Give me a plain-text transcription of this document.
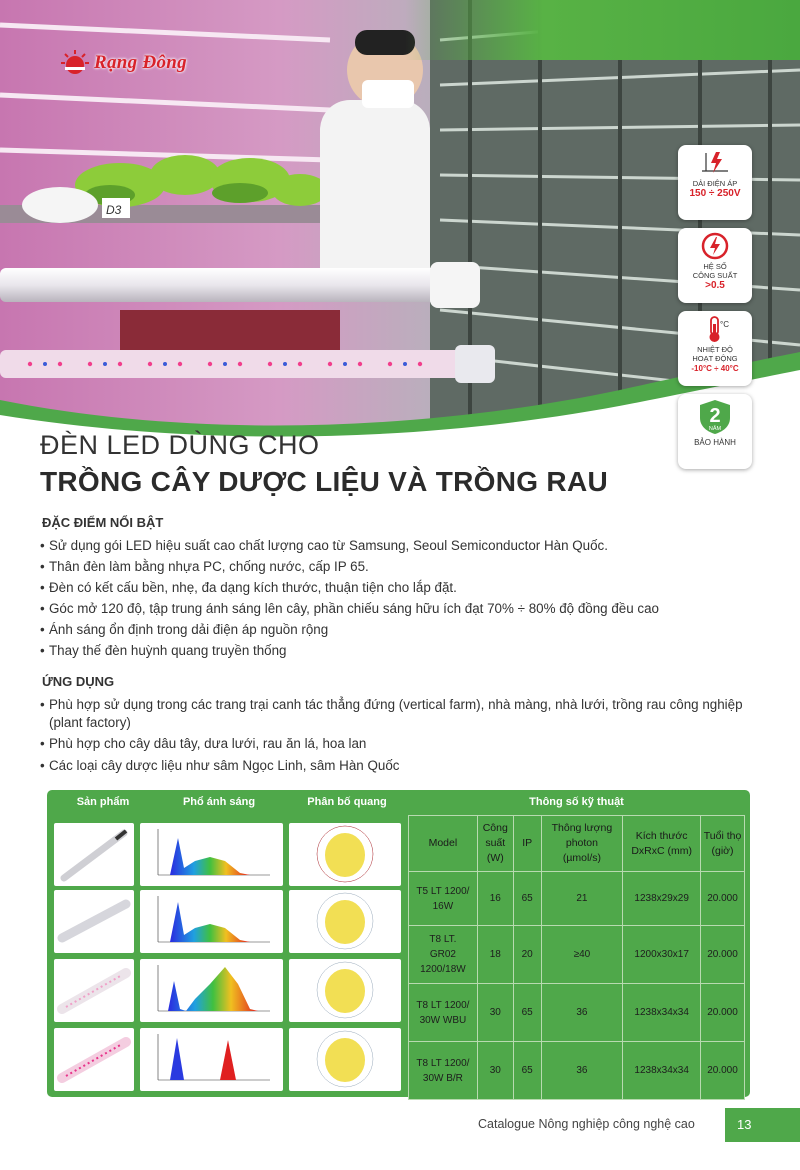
D3
Rạng Đông
DẢI ĐIỆN ÁP
150 ÷ 250V
HỆ SỐ
CÔNG SUẤT
>0.5
°C
NHIỆT ĐỘ
HOẠT ĐỘNG
-10°C ÷ 40°C
2
NĂM
BẢO HÀNH
ĐÈN LED DÙNG CHO
TRỒNG CÂY DƯỢC LIỆU VÀ TRỒNG RAU
ĐẶC ĐIỂM NỔI BẬT
• Sử dụng gói LED hiệu suất cao chất lượng cao từ Samsung, Seoul Semiconductor Hàn Quốc.
• Thân đèn làm bằng nhựa PC, chống nước, cấp IP 65.
• Đèn có kết cấu bền, nhẹ, đa dạng kích thước, thuận tiện cho lắp đặt.
• Góc mở 120 độ, tập trung ánh sáng lên cây, phần chiếu sáng hữu ích đạt 70% ÷ 80% độ đồng đều cao
• Ánh sáng ổn định trong dải điện áp nguồn rộng
• Thay thế đèn huỳnh quang truyền thống
ỨNG DỤNG
• Phù hợp sử dụng trong các trang trại canh tác thẳng đứng (vertical farm), nhà màng, nhà lưới, trồng rau công nghiệp (plant factory)
• Phù hợp cho cây dâu tây, dưa lưới, rau ăn lá, hoa lan
• Các loại cây dược liệu như sâm Ngọc Linh, sâm Hàn Quốc
Sản phẩm	Phổ ánh sáng	Phân bố quang	Thông số kỹ thuật
Model	Công
suất
(W)	IP	Thông lượng
photon
(µmol/s)	Kích thước
DxRxC (mm)	Tuổi thọ
(giờ)
T5 LT 1200/
16W	16	65	21	1238x29x29	20.000
T8 LT.
GR02
1200/18W	18	20	≥40	1200x30x17	20.000
T8 LT 1200/
30W WBU	30	65	36	1238x34x34	20.000
T8 LT 1200/
30W B/R	30	65	36	1238x34x34	20.000
Catalogue Nông nghiệp công nghệ cao	13
